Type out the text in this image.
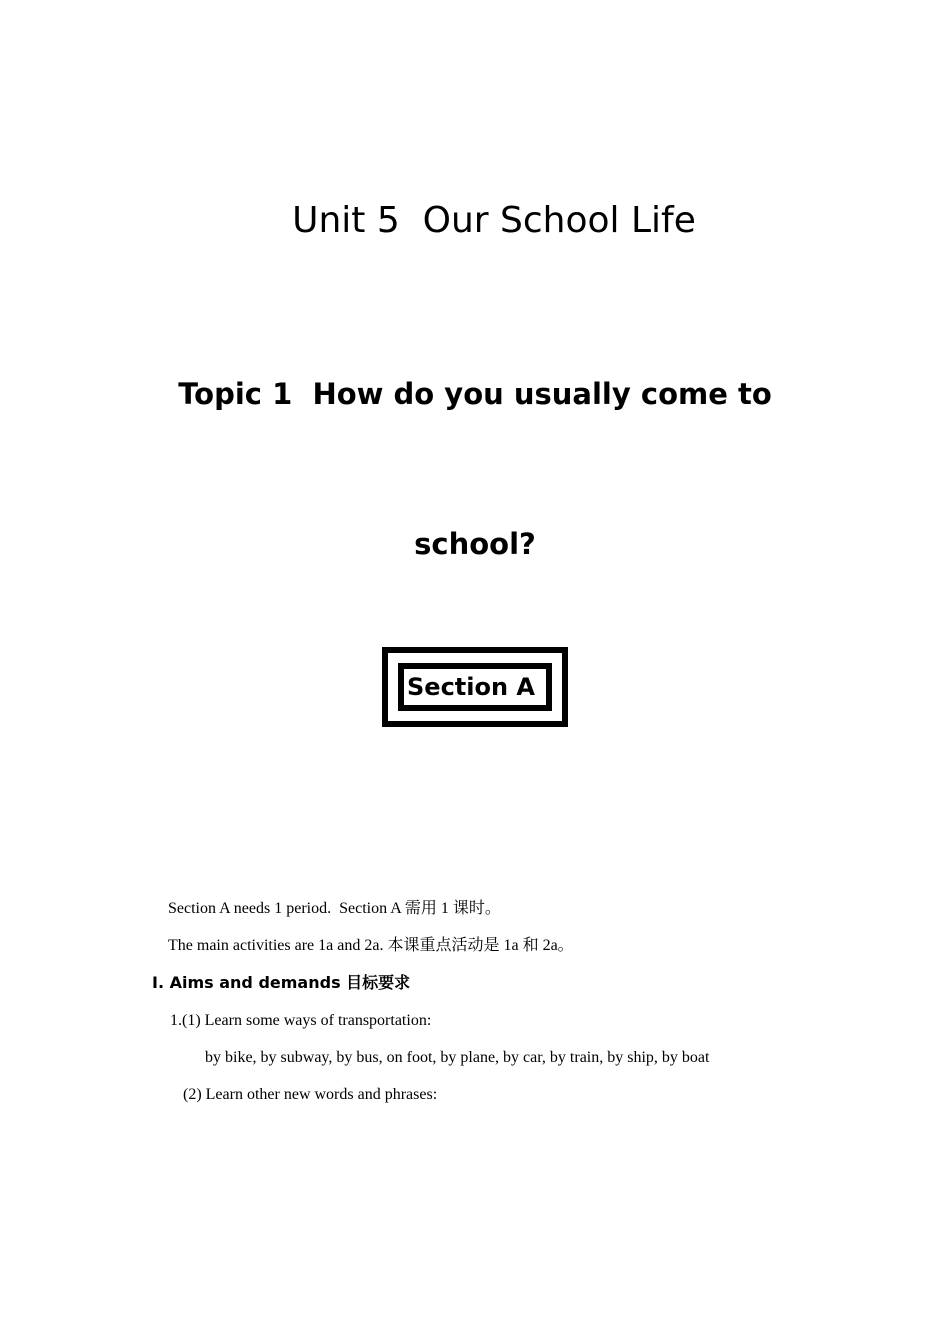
Unit 5  Our School Life
Topic 1  How do you usually come to
school?
Section A

Section A needs 1 period.  Section A 需用 1 课时。

The main activities are 1a and 2a. 本课重点活动是 1a 和 2a。

Ⅰ. Aims and demands 目标要求

1.(1) Learn some ways of transportation:

by bike, by subway, by bus, on foot, by plane, by car, by train, by ship, by boat

(2) Learn other new words and phrases:
